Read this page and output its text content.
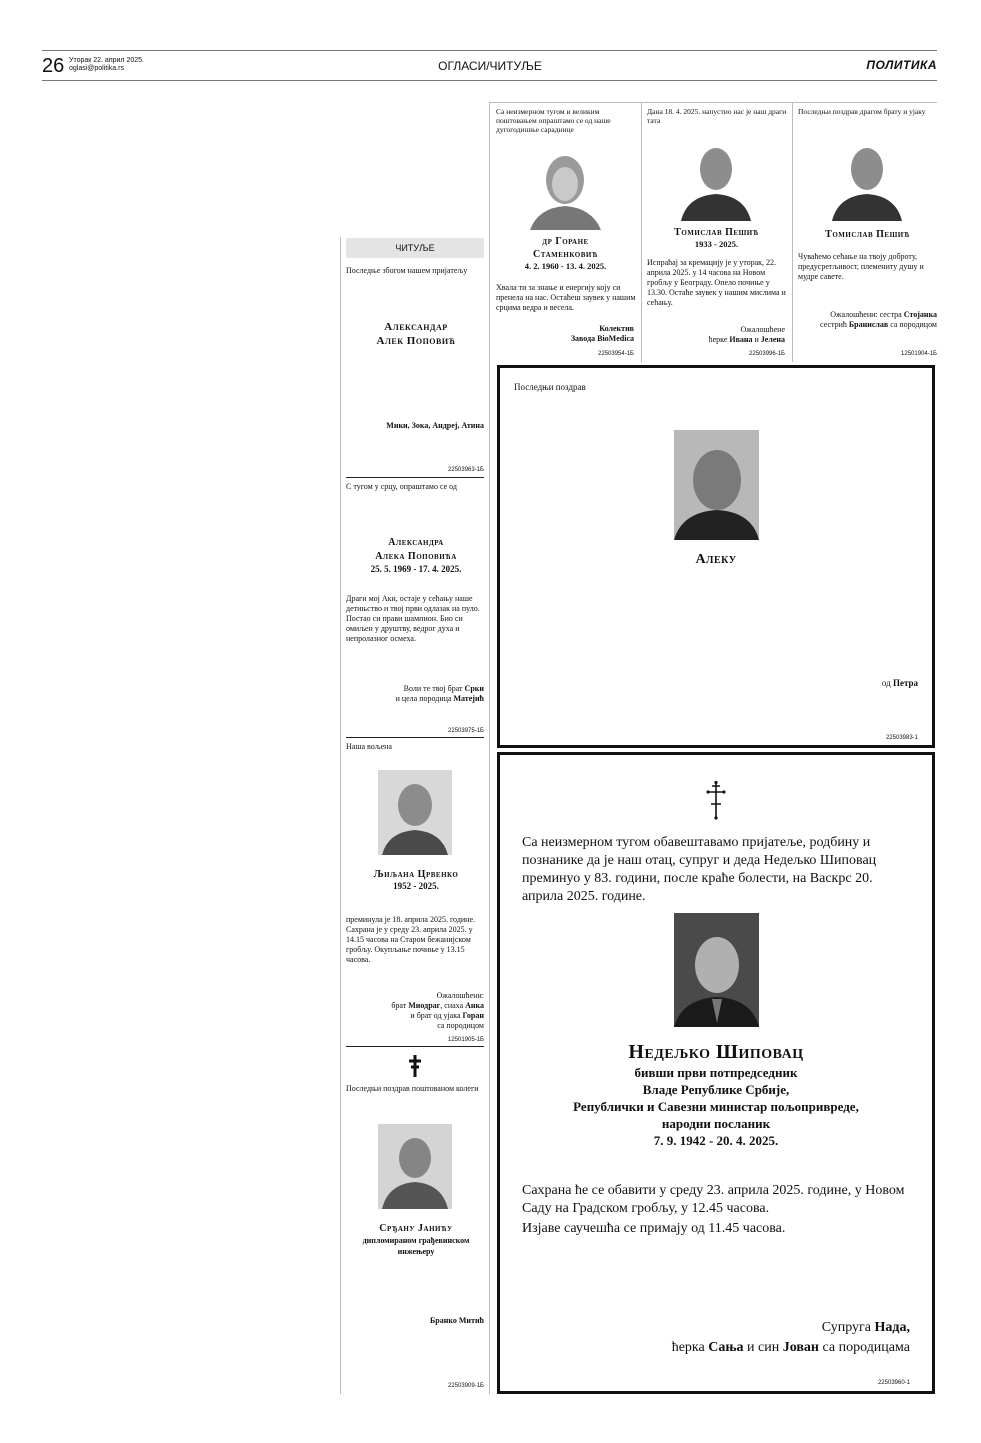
26 Уторак 22. април 2025.
oglasi@politika.rs	ОГЛАСИ/ЧИТУЉЕ	ПОЛИТИКА
ЧИТУЉЕ
Последње збогом нашем пријатељу
Александар
Алек Поповић
Мики, Зока, Андреј, Атина
22503963-1Б
С тугом у срцу, опраштамо се од
Александра
Алека Поповића
25. 5. 1969 - 17. 4. 2025.
Драги мој Аки, остаје у сећању наше детињство и твој први одлазак на пуло. Постао си прави шампион. Био си омиљен у друштву, ведрог духа и непролазног осмеха.
Воли те твој брат Срки
и цела породица Матејић
22503975-1Б
Наша вољена
Љиљана Црвенко
1952 - 2025.
преминула је 18. априла 2025. године. Сахрана је у среду 23. априла 2025. у 14.15 часова на Старом бежанијском гробљу. Окупљање почиње у 13.15 часова.
Ожалошћени:
брат Миодраг, снаха Анка
и брат од ујака Горан
са породицом
12501905-1Б
Последњи поздрав поштованом колеги
Срђану Јанићу
дипломираном грађевинском инжењеру
Бранко Митић
22503909-1Б
Са неизмерном тугом и великим поштовањем опраштамо се од наше дугогодишње сараднице
др Горане
Стаменковић
4. 2. 1960 - 13. 4. 2025.
Хвала ти за знање и енергију коју си пренела на нас. Остаћеш заувек у нашим срцима ведра и весела.
Колектив
Завода BioMedica
22503954-1Б
Дана 18. 4. 2025. напустио нас је наш драги тата
Томислав Пешић
1933 - 2025.
Испраћај за кремацију је у уторак, 22. априла 2025. у 14 часова на Новом гробљу у Београду. Опело почиње у 13.30. Остаће заувек у нашим мислима и сећању.
Ожалошћене
ћерке Ивана и Јелена
22503996-1Б
Последњи поздрав драгом брату и ујаку
Томислав Пешић
Чуваћемо сећање на твоју доброту, предусретљивост, племениту душу и мудре савете.
Ожалошћени: сестра Стојанка
сестрић Бранислав са породицом
12501904-1Б
Последњи поздрав
Алеку
од Петра
22503983-1
Са неизмерном тугом обавештавамо пријатеље, родбину и познанике да је наш отац, супруг и деда Недељко Шиповац преминуо у 83. години, после краће болести, на Васкрс 20. априла 2025. године.
Недељко Шиповац
бивши први потпредседник
Владе Републике Србије,
Републички и Савезни министар пољопривреде,
народни посланик
7. 9. 1942 - 20. 4. 2025.
Сахрана ће се обавити у среду 23. априла 2025. године, у Новом Саду на Градском гробљу, у 12.45 часова.
Изјаве саучешћа се примају од 11.45 часова.
Супруга Нада,
ћерка Сања и син Јован са породицама
22503960-1
